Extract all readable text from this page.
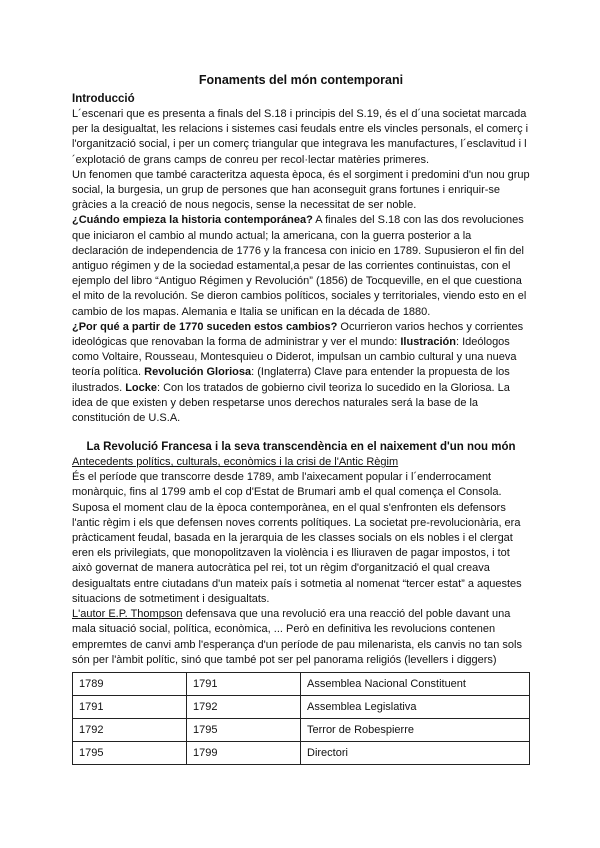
Fonaments del món contemporani
Introducció

L´escenari que es presenta a finals del S.18 i principis del S.19, és el d´una societat marcada per la desigualtat, les relacions i sistemes casi feudals entre els vincles personals, el comerç i l'organització social, i per un comerç triangular que integrava les manufactures, l´esclavitud i l´explotació de grans camps de conreu per recol·lectar matèries primeres.

Un fenomen que també caracteritza aquesta època, és el sorgiment i predomini d'un nou grup social, la burgesia, un grup de persones que han aconseguit grans fortunes i enriquir-se gràcies a la creació de nous negocis, sense la necessitat de ser noble.

¿Cuándo empieza la historia contemporánea? A finales del S.18 con las dos revoluciones que iniciaron el cambio al mundo actual; la americana, con la guerra posterior a la declaración de independencia de 1776 y la francesa con inicio en 1789. Supusieron el fin del antiguo régimen y de la sociedad estamental,a pesar de las corrientes continuistas, con el ejemplo del libro “Antiguo Régimen y Revolución” (1856) de Tocqueville, en el que cuestiona el mito de la revolución. Se dieron cambios políticos, sociales y territoriales, viendo esto en el cambio de los mapas. Alemania e Italia se unifican en la década de 1880.

¿Por qué a partir de 1770 suceden estos cambios? Ocurrieron varios hechos y corrientes ideológicas que renovaban la forma de administrar y ver el mundo: Ilustración: Ideólogos como Voltaire, Rousseau, Montesquieu o Diderot, impulsan un cambio cultural y una nueva teoría política. Revolución Gloriosa: (Inglaterra) Clave para entender la propuesta de los ilustrados. Locke: Con los tratados de gobierno civil teoriza lo sucedido en la Gloriosa. La idea de que existen y deben respetarse unos derechos naturales será la base de la constitución de U.S.A.

La Revolució Francesa i la seva transcendència en el naixement d'un nou món
Antecedents polítics, culturals, econòmics i la crisi de l'Antic Règim

És el període que transcorre desde 1789, amb l'aixecament popular i l´enderrocament monàrquic, fins al 1799 amb el cop d'Estat de Brumari amb el qual comença el Consola. Suposa el moment clau de la època contemporànea, en el qual s'enfronten els defensors l'antic règim i els que defensen noves corrents polítiques. La societat pre-revolucionària, era pràcticament feudal, basada en la jerarquia de les classes socials on els nobles i el clergat eren els privilegiats, que monopolitzaven la violència i es lliuraven de pagar impostos, i tot això governat de manera autocràtica pel rei, tot un règim d'organització el qual creava desigualtats entre ciutadans d'un mateix país i sotmetia al nomenat “tercer estat” a aquestes situacions de sotmetiment i desigualtats.

L'autor E.P. Thompson defensava que una revolució era una reacció del poble davant una mala situació social, política, econòmica, ... Però en definitiva les revolucions contenen empremtes de canvi amb l'esperança d'un període de pau milenarista, els canvis no tan sols són per l'àmbit polític, sinó que també pot ser pel panorama religiós (levellers i diggers)

1789	1791	Assemblea Nacional Constituent
1791	1792	Assemblea Legislativa
1792	1795	Terror de Robespierre
1795	1799	Directori
